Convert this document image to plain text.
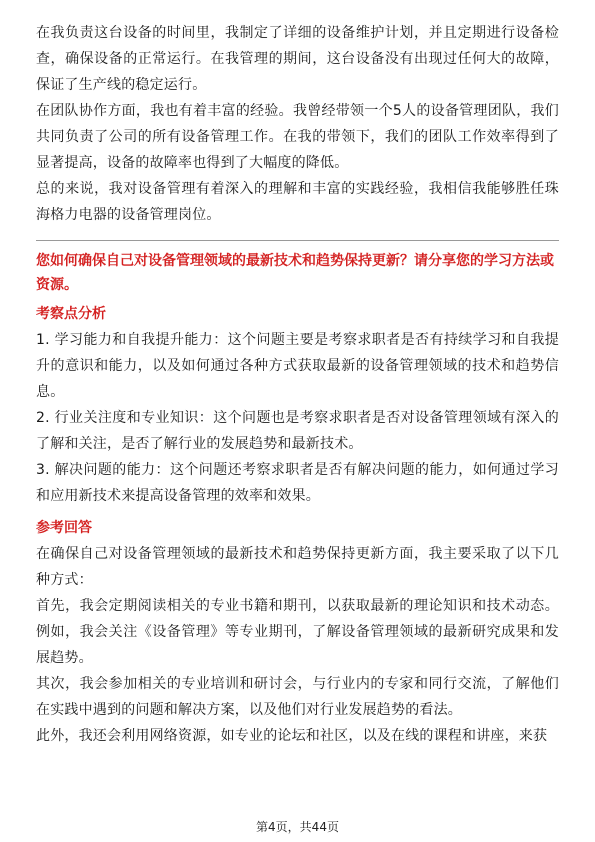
在我负责这台设备的时间里，我制定了详细的设备维护计划，并且定期进行设备检查，确保设备的正常运行。在我管理的期间，这台设备没有出现过任何大的故障，保证了生产线的稳定运行。

在团队协作方面，我也有着丰富的经验。我曾经带领一个5人的设备管理团队，我们共同负责了公司的所有设备管理工作。在我的带领下，我们的团队工作效率得到了显著提高，设备的故障率也得到了大幅度的降低。

总的来说，我对设备管理有着深入的理解和丰富的实践经验，我相信我能够胜任珠海格力电器的设备管理岗位。

您如何确保自己对设备管理领域的最新技术和趋势保持更新？请分享您的学习方法或资源。
考察点分析

1. 学习能力和自我提升能力：这个问题主要是考察求职者是否有持续学习和自我提升的意识和能力，以及如何通过各种方式获取最新的设备管理领域的技术和趋势信息。

2. 行业关注度和专业知识：这个问题也是考察求职者是否对设备管理领域有深入的了解和关注，是否了解行业的发展趋势和最新技术。

3. 解决问题的能力：这个问题还考察求职者是否有解决问题的能力，如何通过学习和应用新技术来提高设备管理的效率和效果。

参考回答

在确保自己对设备管理领域的最新技术和趋势保持更新方面，我主要采取了以下几种方式：

首先，我会定期阅读相关的专业书籍和期刊，以获取最新的理论知识和技术动态。例如，我会关注《设备管理》等专业期刊，了解设备管理领域的最新研究成果和发展趋势。

其次，我会参加相关的专业培训和研讨会，与行业内的专家和同行交流，了解他们在实践中遇到的问题和解决方案，以及他们对行业发展趋势的看法。

此外，我还会利用网络资源，如专业的论坛和社区，以及在线的课程和讲座，来获

第4页，共44页
